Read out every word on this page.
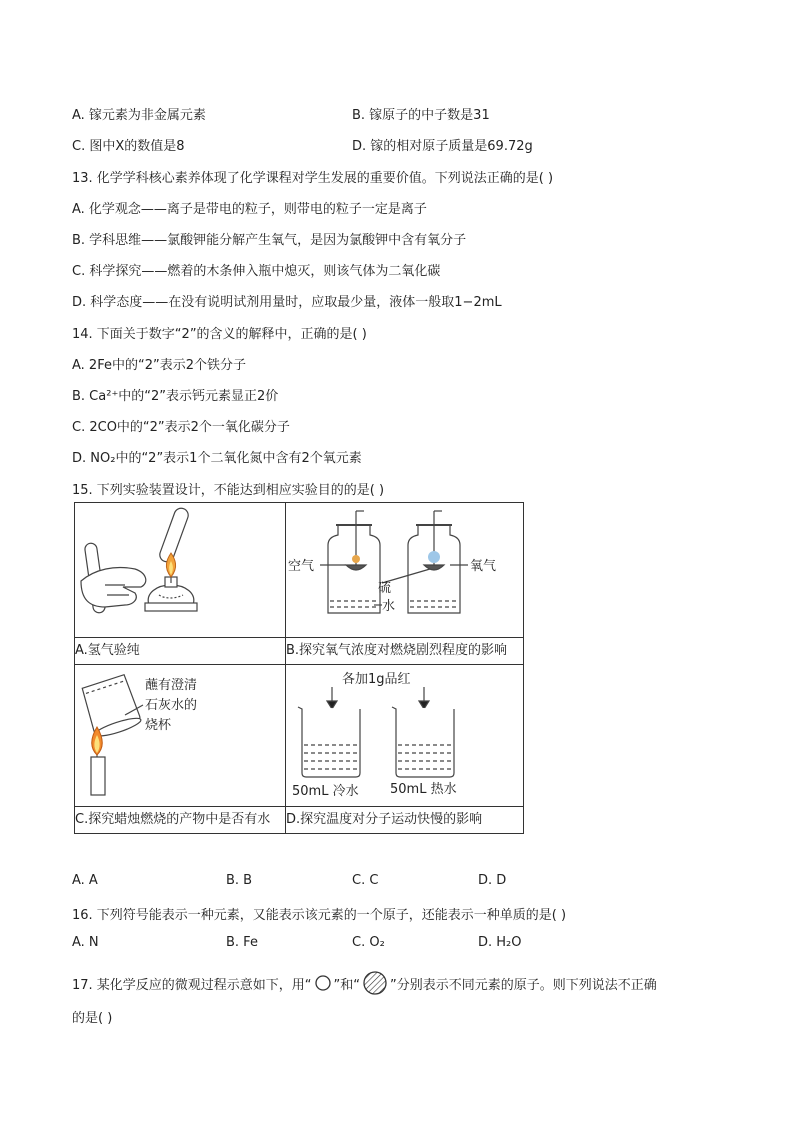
A. 镓元素为非金属元素	B. 镓原子的中子数是31
C. 图中X的数值是8	D. 镓的相对原子质量是69.72g
13. 化学学科核心素养体现了化学课程对学生发展的重要价值。下列说法正确的是( )
A. 化学观念——离子是带电的粒子，则带电的粒子一定是离子
B. 学科思维——氯酸钾能分解产生氧气，是因为氯酸钾中含有氧分子
C. 科学探究——燃着的木条伸入瓶中熄灭，则该气体为二氧化碳
D. 科学态度——在没有说明试剂用量时，应取最少量，液体一般取1−2mL
14. 下面关于数字“2”的含义的解释中，正确的是( )
A. 2Fe中的“2”表示2个铁分子
B. Ca²⁺中的“2”表示钙元素显正2价
C. 2CO中的“2”表示2个一氧化碳分子
D. NO₂中的“2”表示1个二氧化氮中含有2个氧元素
15. 下列实验装置设计，不能达到相应实验目的的是( )

空气
硫
水
氧气

A.氢气验纯	B.探究氧气浓度对燃烧剧烈程度的影响

蘸有澄清
石灰水的
烧杯	各加1g品红
50mL 冷水 50mL 热水

C.探究蜡烛燃烧的产物中是否有水	D.探究温度对分子运动快慢的影响
A. A	B. B	C. C	D. D
16. 下列符号能表示一种元素，又能表示该元素的一个原子，还能表示一种单质的是( )
A. N	B. Fe	C. O₂	D. H₂O
17. 某化学反应的微观过程示意如下，用“ ”和“ ”分别表示不同元素的原子。则下列说法不正确
的是( )
